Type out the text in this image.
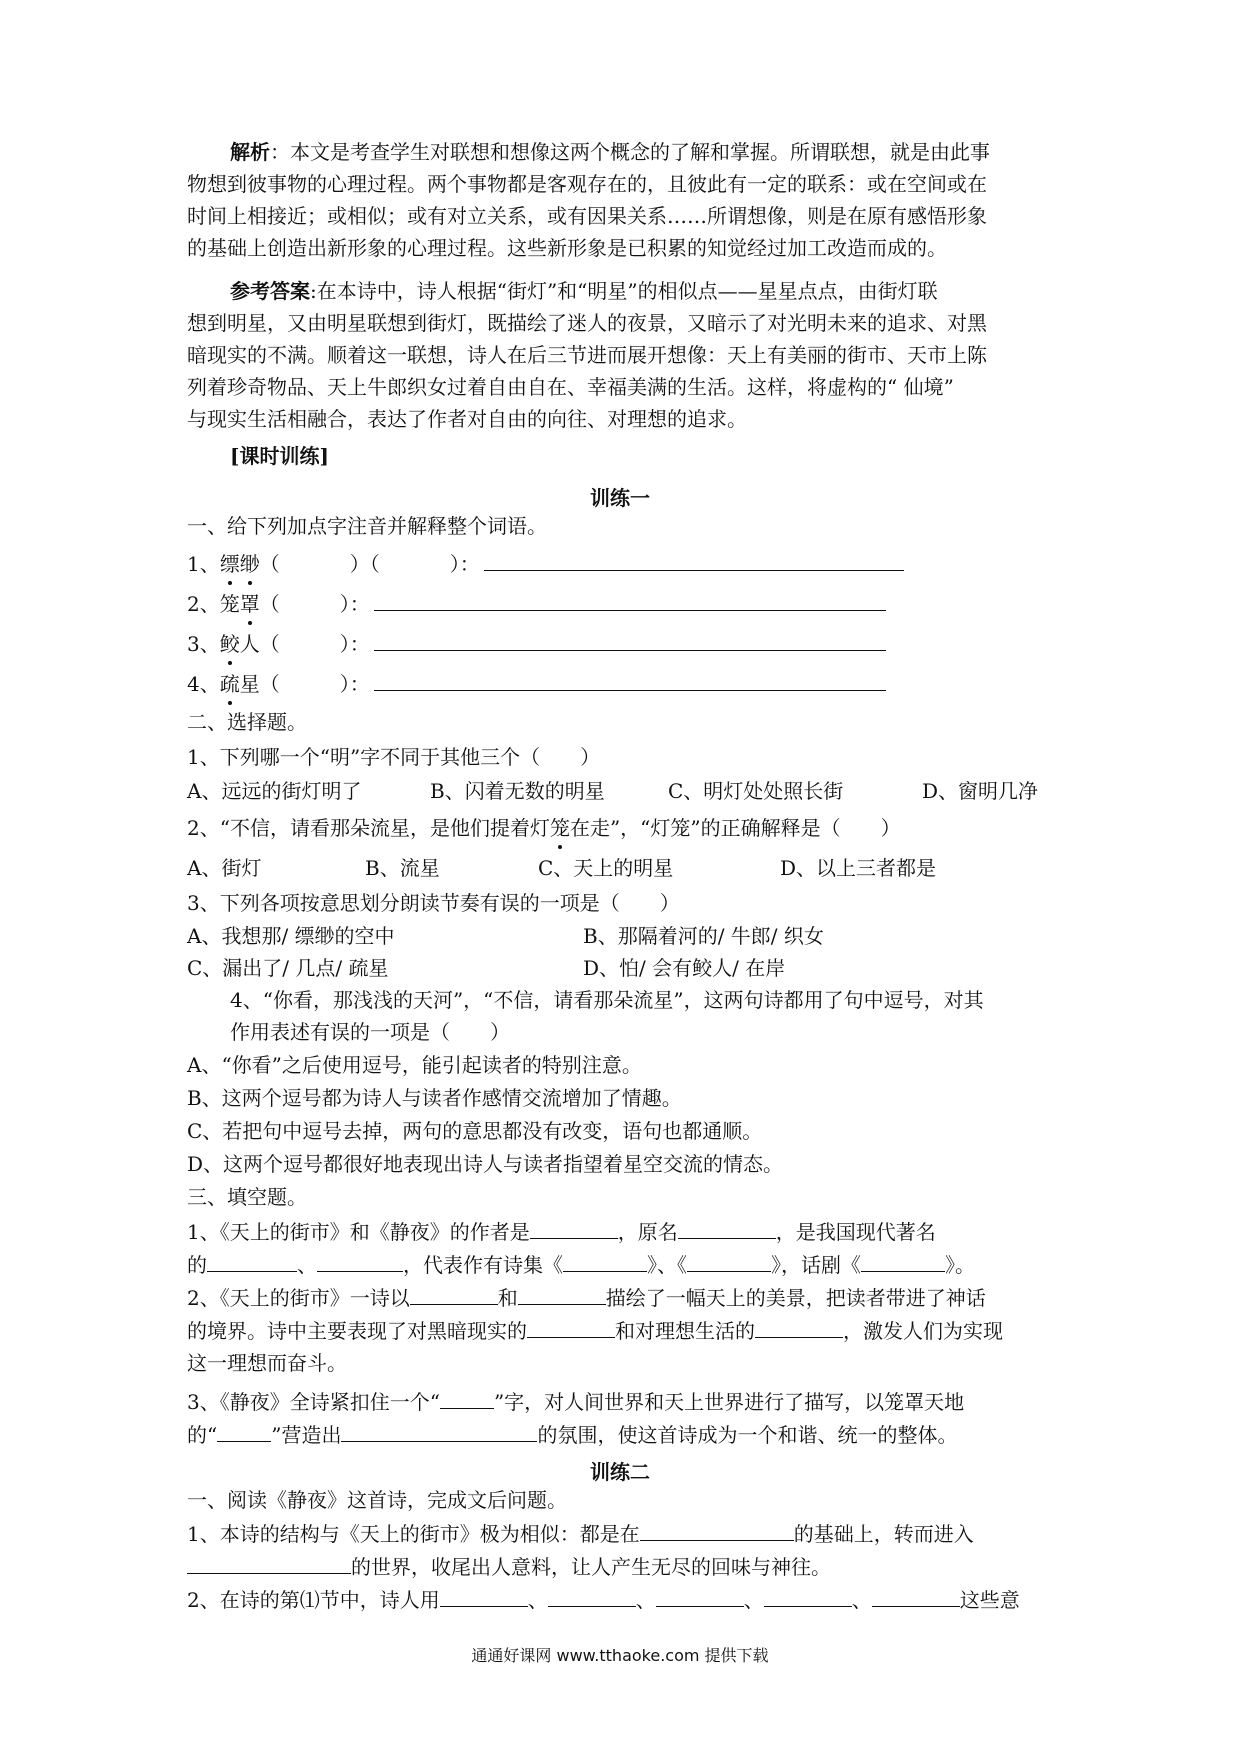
解析：本文是考查学生对联想和想像这两个概念的了解和掌握。所谓联想，就是由此事
物想到彼事物的心理过程。两个事物都是客观存在的，且彼此有一定的联系：或在空间或在
时间上相接近；或相似；或有对立关系，或有因果关系……所谓想像，则是在原有感悟形象
的基础上创造出新形象的心理过程。这些新形象是已积累的知觉经过加工改造而成的。
参考答案:在本诗中，诗人根据“街灯”和“明星”的相似点——星星点点，由街灯联
想到明星，又由明星联想到街灯，既描绘了迷人的夜景，又暗示了对光明未来的追求、对黑
暗现实的不满。顺着这一联想，诗人在后三节进而展开想像：天上有美丽的街市、天市上陈
列着珍奇物品、天上牛郎织女过着自由自在、幸福美满的生活。这样，将虚构的“ 仙境”
与现实生活相融合，表达了作者对自由的向往、对理想的追求。
[课时训练]
训练一
一、给下列加点字注音并解释整个词语。
1、缥缈（	）（	）：
2、笼罩（	）：
3、鲛人（	）：
4、疏星（	）：
二、选择题。
1、下列哪一个“明”字不同于其他三个（　　）
A、远远的街灯明了	B、闪着无数的明星	C、明灯处处照长街	D、窗明几净
2、“不信，请看那朵流星，是他们提着灯笼在走”，“灯笼”的正确解释是（　　）
A、街灯	B、流星	C、天上的明星	D、以上三者都是
3、下列各项按意思划分朗读节奏有误的一项是（　　）
A、我想那/ 缥缈的空中	B、那隔着河的/ 牛郎/ 织女
C、漏出了/ 几点/ 疏星	D、怕/ 会有鲛人/ 在岸
4、“你看，那浅浅的天河”，“不信，请看那朵流星”，这两句诗都用了句中逗号，对其
作用表述有误的一项是（　　）
A、“你看”之后使用逗号，能引起读者的特别注意。
B、这两个逗号都为诗人与读者作感情交流增加了情趣。
C、若把句中逗号去掉，两句的意思都没有改变，语句也都通顺。
D、这两个逗号都很好地表现出诗人与读者指望着星空交流的情态。
三、填空题。
1、《天上的街市》和《静夜》的作者是	，原名	，是我国现代著名
的	、	，代表作有诗集《	》、《	》，话剧《	》。
2、《天上的街市》一诗以	和	描绘了一幅天上的美景，把读者带进了神话
的境界。诗中主要表现了对黑暗现实的	和对理想生活的	，激发人们为实现
这一理想而奋斗。
3、《静夜》全诗紧扣住一个“	”字，对人间世界和天上世界进行了描写，以笼罩天地
的“	”营造出	的氛围，使这首诗成为一个和谐、统一的整体。
训练二
一、阅读《静夜》这首诗，完成文后问题。
1、本诗的结构与《天上的街市》极为相似：都是在	的基础上，转而进入
的世界，收尾出人意料，让人产生无尽的回味与神往。
2、在诗的第⑴节中，诗人用	、	、	、	、	这些意
通通好课网 www.tthaoke.com 提供下载
